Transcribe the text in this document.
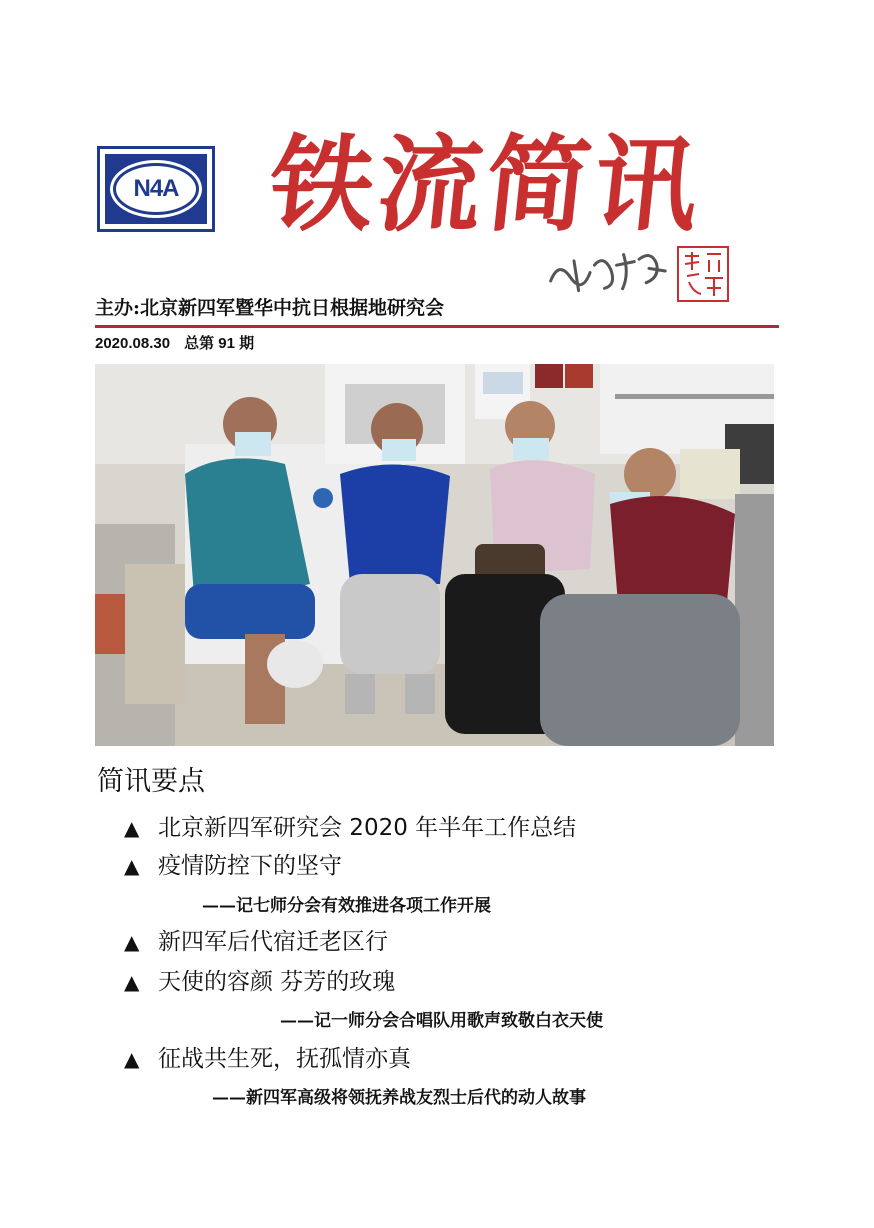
N4A 铁流简讯
主办:北京新四军暨华中抗日根据地研究会
2020.08.30 总第 91 期
简讯要点
▲ 北京新四军研究会 2020 年半年工作总结
▲ 疫情防控下的坚守
——记七师分会有效推进各项工作开展
▲ 新四军后代宿迁老区行
▲ 天使的容颜 芬芳的玫瑰
——记一师分会合唱队用歌声致敬白衣天使
▲ 征战共生死，抚孤情亦真
——新四军高级将领抚养战友烈士后代的动人故事
